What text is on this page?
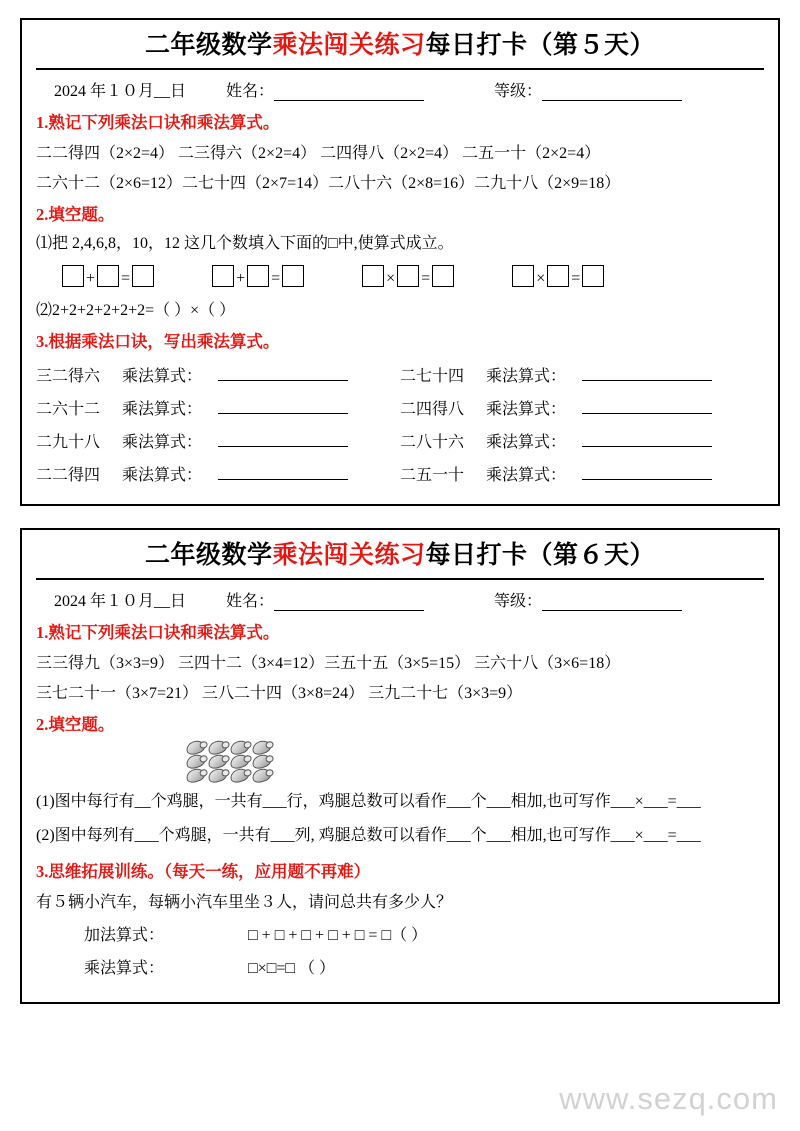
二年级数学乘法闯关练习每日打卡（第５天）
2024 年１０月__日	姓名：	等级：
1.熟记下列乘法口诀和乘法算式。
二二得四（2×2=4） 二三得六（2×2=4） 二四得八（2×2=4） 二五一十（2×2=4）
二六十二（2×6=12）二七十四（2×7=14）二八十六（2×8=16）二九十八（2×9=18）
2.填空题。
⑴把 2,4,6,8，10，12 这几个数填入下面的□中,使算式成立。
+ =	+ =	× =	× =
⑵2+2+2+2+2+2=（ ）×（ ）
3.根据乘法口诀，写出乘法算式。
三二得六	乘法算式：		二七十四	乘法算式：	
二六十二	乘法算式：		二四得八	乘法算式：	
二九十八	乘法算式：		二八十六	乘法算式：	
二二得四	乘法算式：		二五一十	乘法算式：	
二年级数学乘法闯关练习每日打卡（第６天）
2024 年１０月__日	姓名：	等级：
1.熟记下列乘法口诀和乘法算式。
三三得九（3×3=9） 三四十二（3×4=12）三五十五（3×5=15） 三六十八（3×6=18）
三七二十一（3×7=21） 三八二十四（3×8=24） 三九二十七（3×3=9）
2.填空题。
(1)图中每行有__个鸡腿，一共有___行，鸡腿总数可以看作___个___相加,也可写作___×___=___
(2)图中每列有___个鸡腿，一共有___列, 鸡腿总数可以看作___个___相加,也可写作___×___=___
3.思维拓展训练。（每天一练，应用题不再难）
有５辆小汽车，每辆小汽车里坐３人，请问总共有多少人？
加法算式：	□ + □ + □ + □ + □ = □（ ）
乘法算式：	□×□=□ （ ）
www.sezq.com
